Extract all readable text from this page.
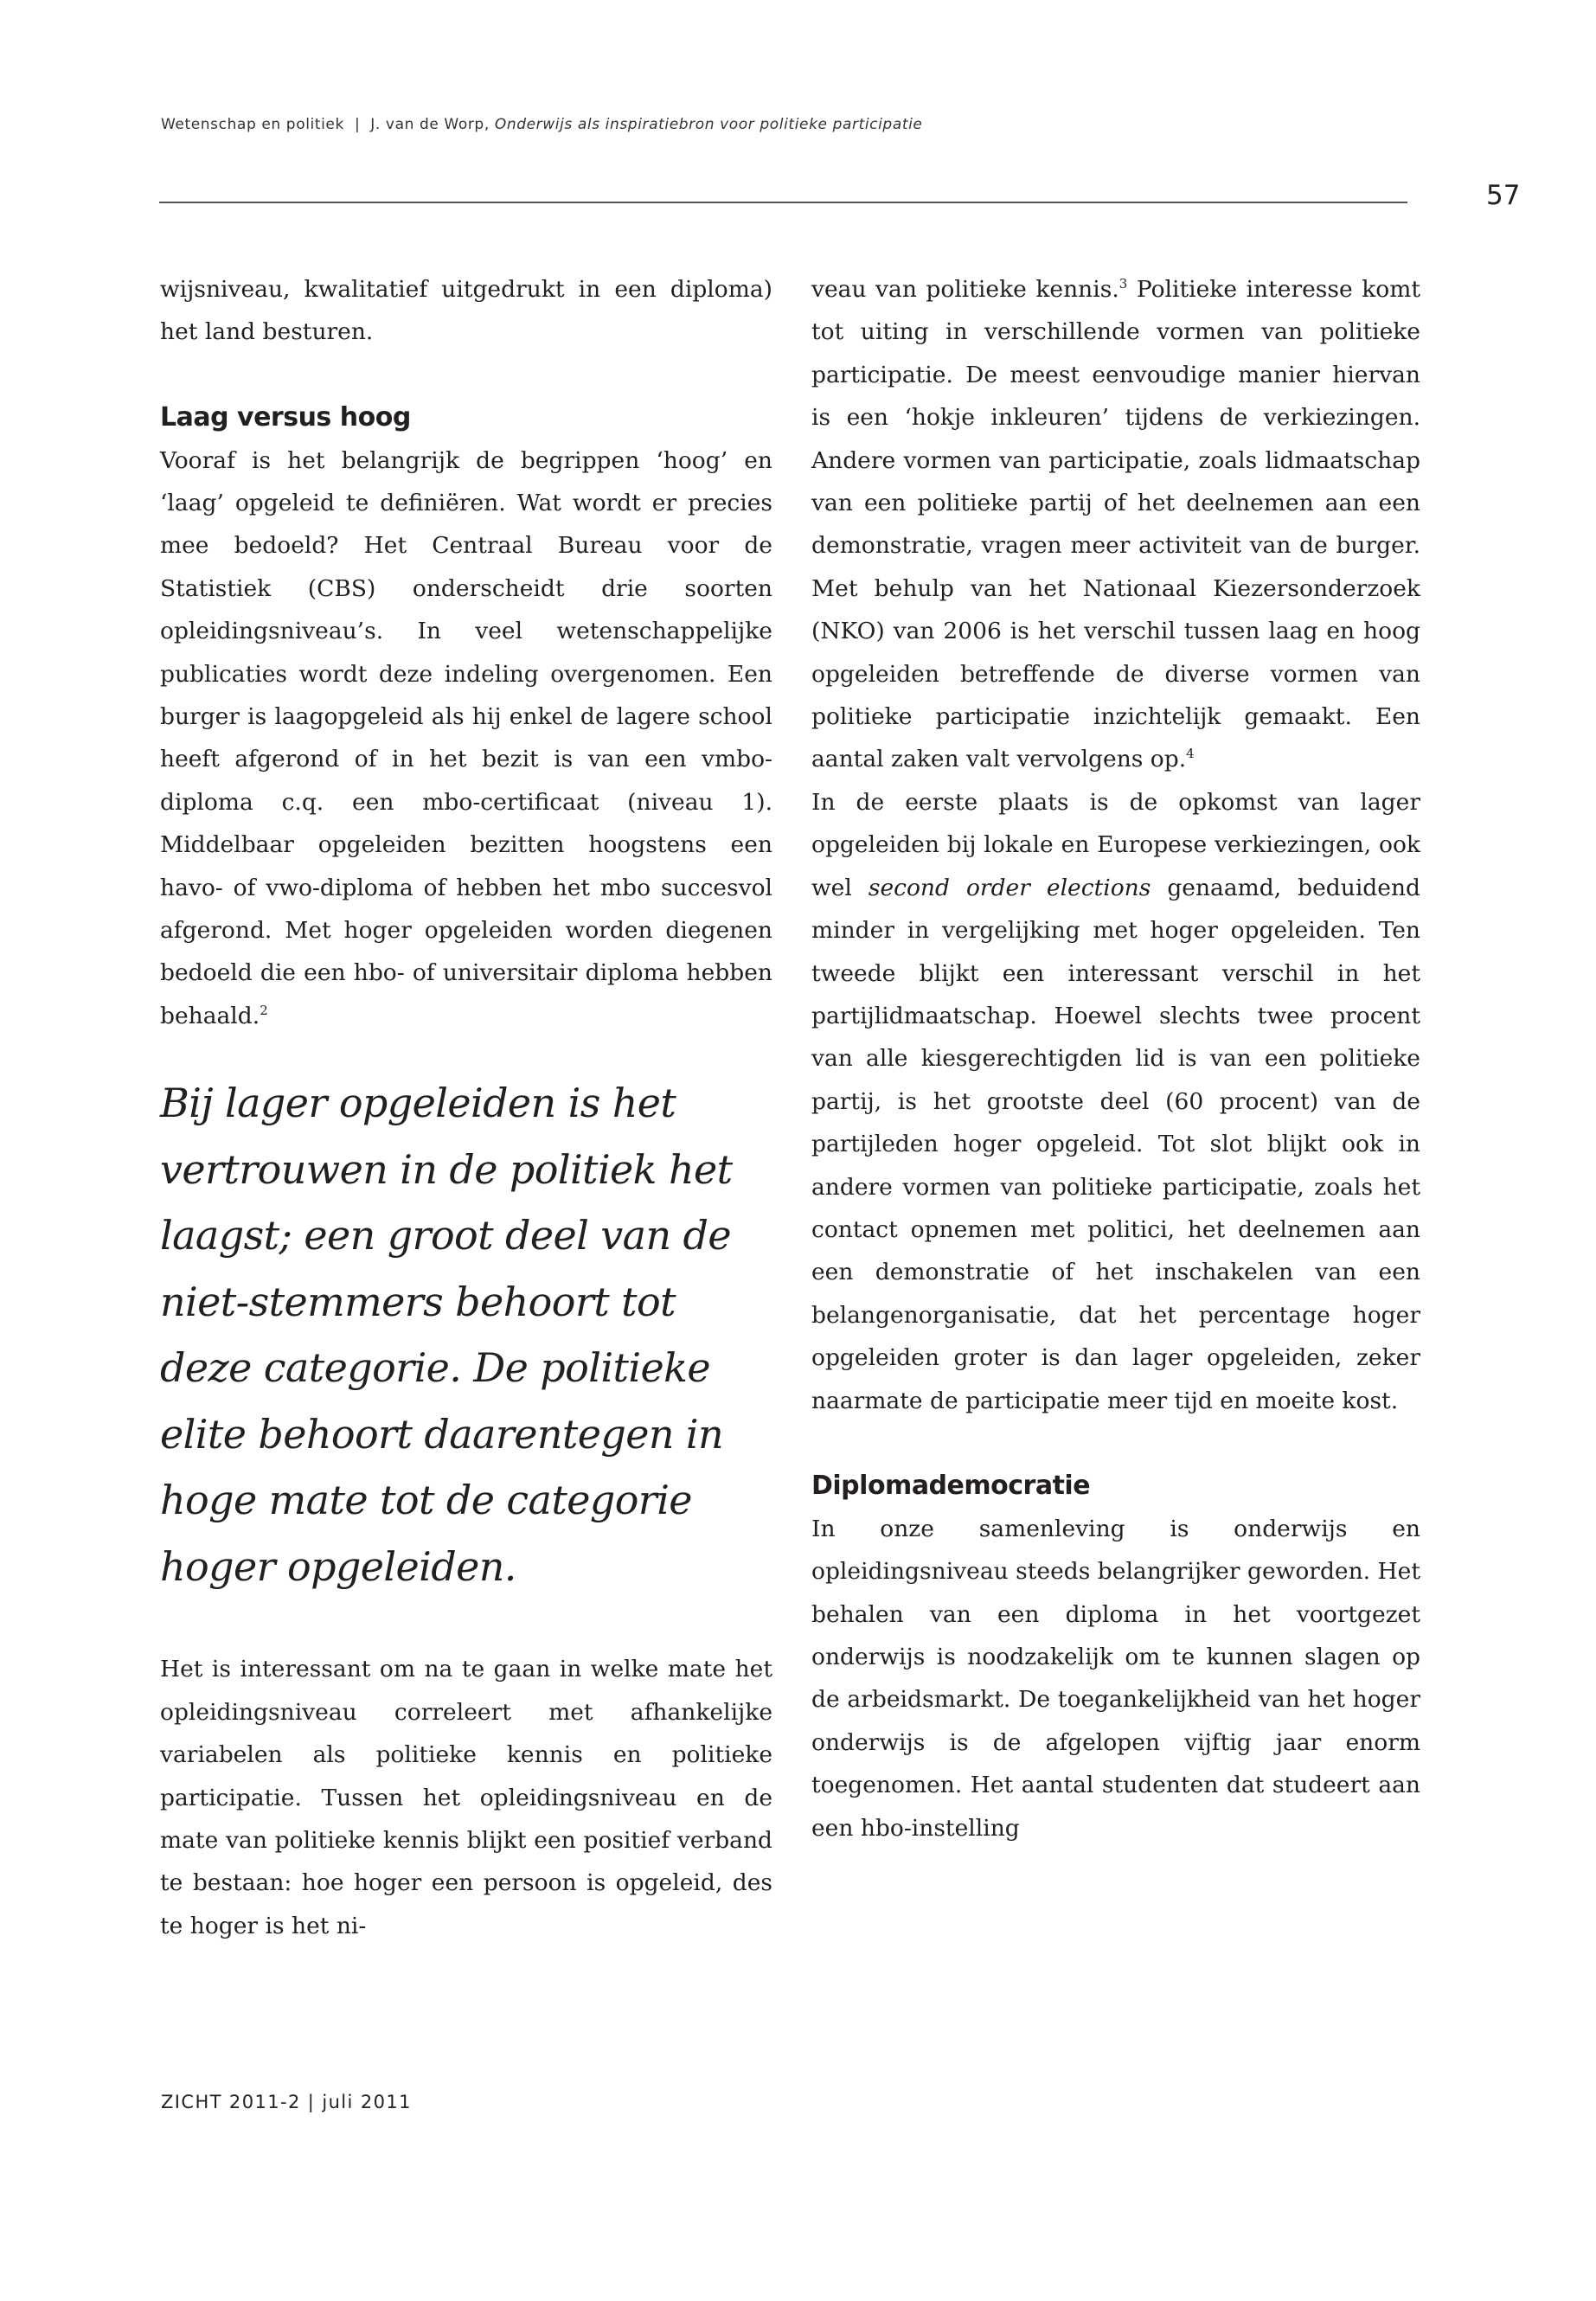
Wetenschap en politiek | J. van de Worp, Onderwijs als inspiratiebron voor politieke participatie
57

wijsniveau, kwalitatief uitgedrukt in een diploma) het land besturen.

Laag versus hoog

Vooraf is het belangrijk de begrippen ‘hoog’ en ‘laag’ opgeleid te definiëren. Wat wordt er precies mee bedoeld? Het Centraal Bureau voor de Statistiek (CBS) onderscheidt drie soorten opleidingsniveau’s. In veel wetenschappelijke publicaties wordt deze indeling overgenomen. Een burger is laagopgeleid als hij enkel de lagere school heeft afgerond of in het bezit is van een vmbo-diploma c.q. een mbo-certificaat (niveau 1). Middelbaar opgeleiden bezitten hoogstens een havo- of vwo-diploma of hebben het mbo succesvol afgerond. Met hoger opgeleiden worden diegenen bedoeld die een hbo- of universitair diploma hebben behaald.$^2$

Bij lager opgeleiden is het vertrouwen in de politiek het laagst; een groot deel van de niet-stemmers behoort tot deze categorie. De politieke elite behoort daarentegen in hoge mate tot de categorie hoger opgeleiden.

Het is interessant om na te gaan in welke mate het opleidingsniveau correleert met afhankelijke variabelen als politieke kennis en politieke participatie. Tussen het opleidingsniveau en de mate van politieke kennis blijkt een positief verband te bestaan: hoe hoger een persoon is opgeleid, des te hoger is het ni-

veau van politieke kennis.$^3$ Politieke interesse komt tot uiting in verschillende vormen van politieke participatie. De meest eenvoudige manier hiervan is een ‘hokje inkleuren’ tijdens de verkiezingen. Andere vormen van participatie, zoals lidmaatschap van een politieke partij of het deelnemen aan een demonstratie, vragen meer activiteit van de burger. Met behulp van het Nationaal Kiezersonderzoek (NKO) van 2006 is het verschil tussen laag en hoog opgeleiden betreffende de diverse vormen van politieke participatie inzichtelijk gemaakt. Een aantal zaken valt vervolgens op.$^4$

In de eerste plaats is de opkomst van lager opgeleiden bij lokale en Europese verkiezingen, ook wel second order elections genaamd, beduidend minder in vergelijking met hoger opgeleiden. Ten tweede blijkt een interessant verschil in het partijlidmaatschap. Hoewel slechts twee procent van alle kiesgerechtigden lid is van een politieke partij, is het grootste deel (60 procent) van de partijleden hoger opgeleid. Tot slot blijkt ook in andere vormen van politieke participatie, zoals het contact opnemen met politici, het deelnemen aan een demonstratie of het inschakelen van een belangenorganisatie, dat het percentage hoger opgeleiden groter is dan lager opgeleiden, zeker naarmate de participatie meer tijd en moeite kost.

Diplomademocratie

In onze samenleving is onderwijs en opleidingsniveau steeds belangrijker geworden. Het behalen van een diploma in het voortgezet onderwijs is noodzakelijk om te kunnen slagen op de arbeidsmarkt. De toegankelijkheid van het hoger onderwijs is de afgelopen vijftig jaar enorm toegenomen. Het aantal studenten dat studeert aan een hbo-instelling

ZICHT 2011-2 | juli 2011
